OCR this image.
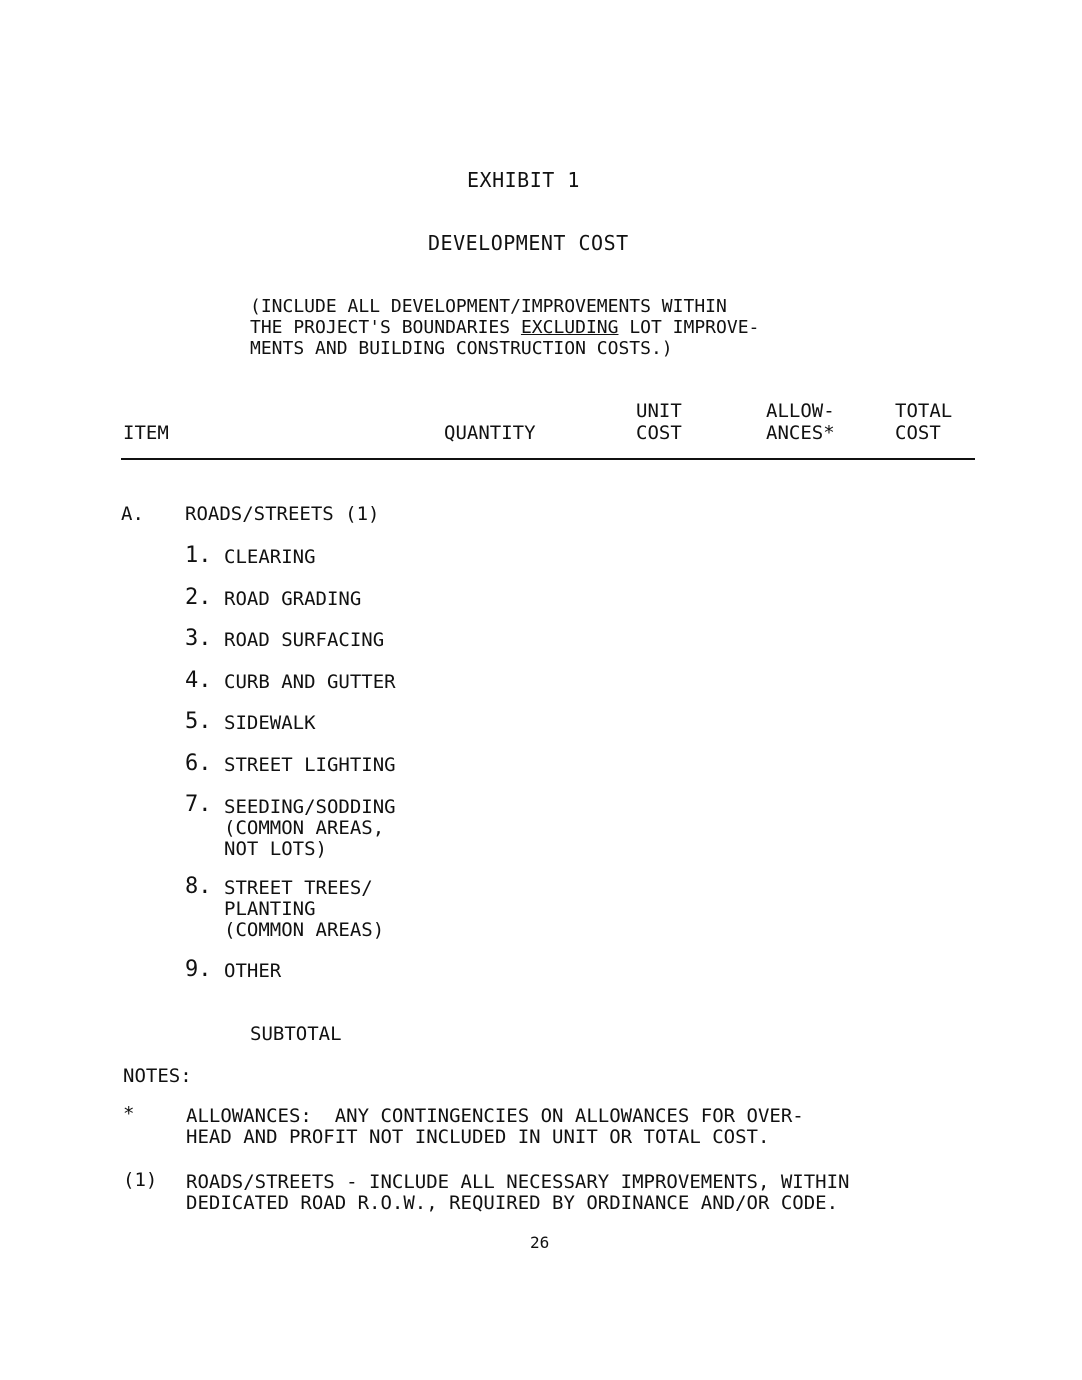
EXHIBIT 1
DEVELOPMENT COST
(INCLUDE ALL DEVELOPMENT/IMPROVEMENTS WITHIN
THE PROJECT'S BOUNDARIES EXCLUDING LOT IMPROVE-
MENTS AND BUILDING CONSTRUCTION COSTS.)
ITEM	QUANTITY
UNIT
COST
ALLOW-
ANCES*
TOTAL
COST
A. ROADS/STREETS (1)
1. CLEARING
2. ROAD GRADING
3. ROAD SURFACING
4. CURB AND GUTTER
5. SIDEWALK
6. STREET LIGHTING
7. SEEDING/SODDING
(COMMON AREAS,
NOT LOTS)
8. STREET TREES/
PLANTING
(COMMON AREAS)
9. OTHER
SUBTOTAL
NOTES:
*	ALLOWANCES:  ANY CONTINGENCIES ON ALLOWANCES FOR OVER-
HEAD AND PROFIT NOT INCLUDED IN UNIT OR TOTAL COST.
(1) ROADS/STREETS - INCLUDE ALL NECESSARY IMPROVEMENTS, WITHIN
DEDICATED ROAD R.O.W., REQUIRED BY ORDINANCE AND/OR CODE.
26
